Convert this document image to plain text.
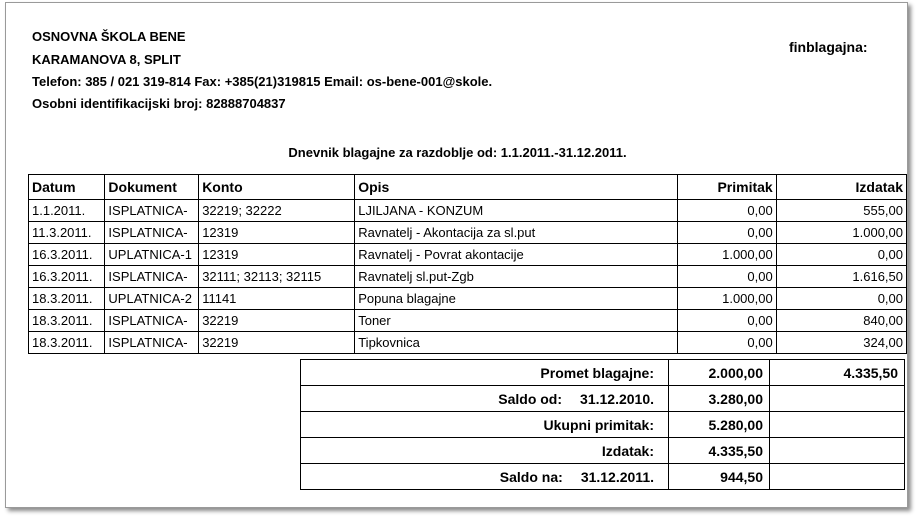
OSNOVNA ŠKOLA BENE
KARAMANOVA 8, SPLIT
Telefon: 385 / 021 319-814 Fax: +385(21)319815 Email: os-bene-001@skole.
Osobni identifikacijski broj: 82888704837
finblagajna:
Dnevnik blagajne za razdoblje od: 1.1.2011.-31.12.2011.
Datum	Dokument	Konto	Opis	Primitak	Izdatak
1.1.2011.	ISPLATNICA-	32219; 32222	LJILJANA - KONZUM	0,00	555,00
11.3.2011.	ISPLATNICA-	12319	Ravnatelj - Akontacija za sl.put	0,00	1.000,00
16.3.2011.	UPLATNICA-1	12319	Ravnatelj - Povrat akontacije	1.000,00	0,00
16.3.2011.	ISPLATNICA-	32111; 32113; 32115	Ravnatelj sl.put-Zgb	0,00	1.616,50
18.3.2011.	UPLATNICA-2	11141	Popuna blagajne	1.000,00	0,00
18.3.2011.	ISPLATNICA-	32219	Toner	0,00	840,00
18.3.2011.	ISPLATNICA-	32219	Tipkovnica	0,00	324,00
Promet blagajne:	2.000,00	4.335,50
Saldo od: 31.12.2010.	3.280,00	
Ukupni primitak:	5.280,00	
Izdatak:	4.335,50	
Saldo na: 31.12.2011.	944,50	
